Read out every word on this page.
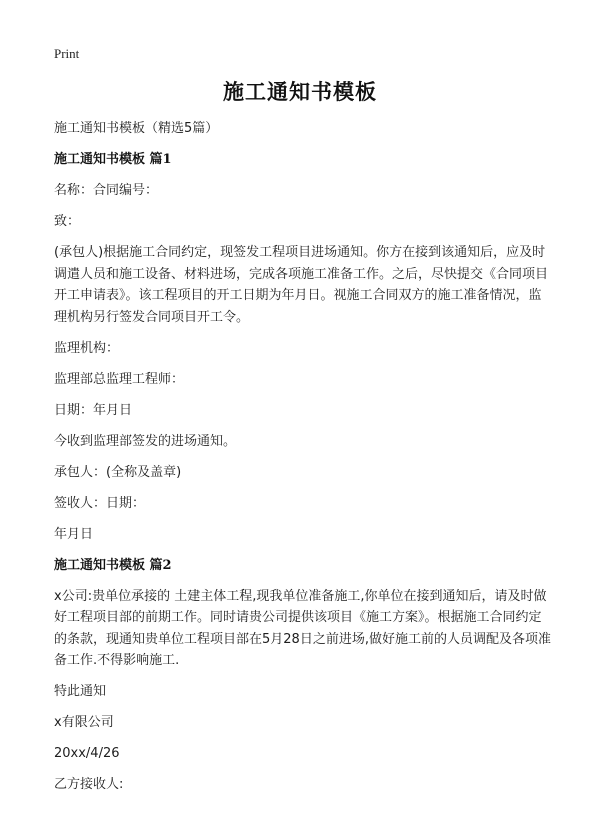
Print
施工通知书模板

施工通知书模板（精选5篇）

施工通知书模板 篇1

名称：合同编号：

致：

(承包人)根据施工合同约定，现签发工程项目进场通知。你方在接到该通知后，应及时调遣人员和施工设备、材料进场，完成各项施工准备工作。之后，尽快提交《合同项目开工申请表》。该工程项目的开工日期为年月日。视施工合同双方的施工准备情况，监理机构另行签发合同项目开工令。

监理机构：

监理部总监理工程师：

日期：年月日

今收到监理部签发的进场通知。

承包人：(全称及盖章)

签收人：日期：

年月日

施工通知书模板 篇2

x公司:贵单位承接的 土建主体工程,现我单位准备施工,你单位在接到通知后，请及时做好工程项目部的前期工作。同时请贵公司提供该项目《施工方案》。根据施工合同约定的条款，现通知贵单位工程项目部在5月28日之前进场,做好施工前的人员调配及各项准备工作.不得影响施工.

特此通知

x有限公司

20xx/4/26

乙方接收人:
